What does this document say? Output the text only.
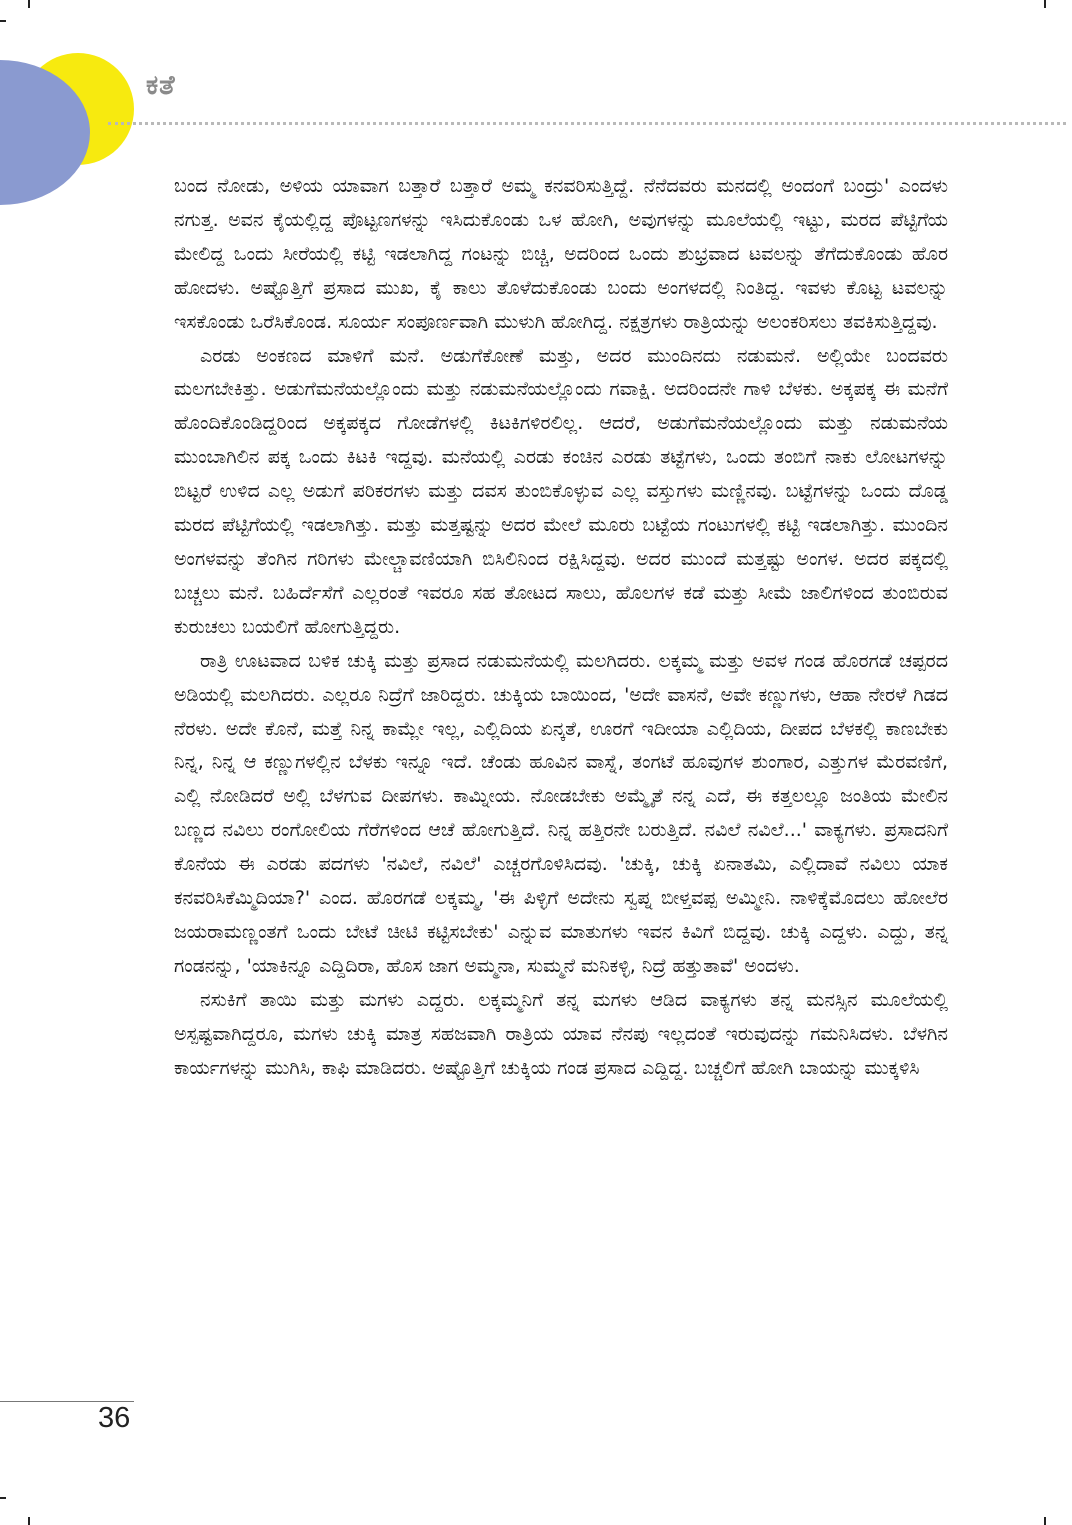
ಕತೆ

ಬಂದ ನೋಡು, ಅಳಿಯ ಯಾವಾಗ ಬತ್ತಾರೆ ಬತ್ತಾರೆ ಅಮ್ಮ ಕನವರಿಸುತ್ತಿದ್ದೆ. ನೆನೆದವರು ಮನದಲ್ಲಿ ಅಂದಂಗೆ ಬಂದ್ರು' ಎಂದಳು ನಗುತ್ತ. ಅವನ ಕೈಯಲ್ಲಿದ್ದ ಪೊಟ್ಟಣಗಳನ್ನು ಇಸಿದುಕೊಂಡು ಒಳ ಹೋಗಿ, ಅವುಗಳನ್ನು ಮೂಲೆಯಲ್ಲಿ ಇಟ್ಟು, ಮರದ ಪೆಟ್ಟಿಗೆಯ ಮೇಲಿದ್ದ ಒಂದು ಸೀರೆಯಲ್ಲಿ ಕಟ್ಟಿ ಇಡಲಾಗಿದ್ದ ಗಂಟನ್ನು ಬಿಚ್ಚಿ, ಅದರಿಂದ ಒಂದು ಶುಭ್ರವಾದ ಟವಲನ್ನು ತೆಗೆದುಕೊಂಡು ಹೊರ ಹೋದಳು. ಅಷ್ಟೊತ್ತಿಗೆ ಪ್ರಸಾದ ಮುಖ, ಕೈ ಕಾಲು ತೊಳೆದುಕೊಂಡು ಬಂದು ಅಂಗಳದಲ್ಲಿ ನಿಂತಿದ್ದ. ಇವಳು ಕೊಟ್ಟ ಟವಲನ್ನು ಇಸಕೊಂಡು ಒರೆಸಿಕೊಂಡ. ಸೂರ್ಯ ಸಂಪೂರ್ಣವಾಗಿ ಮುಳುಗಿ ಹೋಗಿದ್ದ. ನಕ್ಷತ್ರಗಳು ರಾತ್ರಿಯನ್ನು ಅಲಂಕರಿಸಲು ತವಕಿಸುತ್ತಿದ್ದವು.

ಎರಡು ಅಂಕಣದ ಮಾಳಿಗೆ ಮನೆ. ಅಡುಗೆಕೋಣೆ ಮತ್ತು, ಅದರ ಮುಂದಿನದು ನಡುಮನೆ. ಅಲ್ಲಿಯೇ ಬಂದವರು ಮಲಗಬೇಕಿತ್ತು. ಅಡುಗೆಮನೆಯಲ್ಲೊಂದು ಮತ್ತು ನಡುಮನೆಯಲ್ಲೊಂದು ಗವಾಕ್ಷಿ. ಅದರಿಂದನೇ ಗಾಳಿ ಬೆಳಕು. ಅಕ್ಕಪಕ್ಕ ಈ ಮನೆಗೆ ಹೊಂದಿಕೊಂಡಿದ್ದರಿಂದ ಅಕ್ಕಪಕ್ಕದ ಗೋಡೆಗಳಲ್ಲಿ ಕಿಟಕಿಗಳಿರಲಿಲ್ಲ. ಆದರೆ, ಅಡುಗೆಮನೆಯಲ್ಲೊಂದು ಮತ್ತು ನಡುಮನೆಯ ಮುಂಬಾಗಿಲಿನ ಪಕ್ಕ ಒಂದು ಕಿಟಕಿ ಇದ್ದವು. ಮನೆಯಲ್ಲಿ ಎರಡು ಕಂಚಿನ ಎರಡು ತಟ್ಟೆಗಳು, ಒಂದು ತಂಬಿಗೆ ನಾಕು ಲೋಟಗಳನ್ನು ಬಿಟ್ಟರೆ ಉಳಿದ ಎಲ್ಲ ಅಡುಗೆ ಪರಿಕರಗಳು ಮತ್ತು ದವಸ ತುಂಬಿಕೊಳ್ಳುವ ಎಲ್ಲ ವಸ್ತುಗಳು ಮಣ್ಣಿನವು. ಬಟ್ಟೆಗಳನ್ನು ಒಂದು ದೊಡ್ಡ ಮರದ ಪೆಟ್ಟಿಗೆಯಲ್ಲಿ ಇಡಲಾಗಿತ್ತು. ಮತ್ತು ಮತ್ತಷ್ಟನ್ನು ಅದರ ಮೇಲೆ ಮೂರು ಬಟ್ಟೆಯ ಗಂಟುಗಳಲ್ಲಿ ಕಟ್ಟಿ ಇಡಲಾಗಿತ್ತು. ಮುಂದಿನ ಅಂಗಳವನ್ನು ತೆಂಗಿನ ಗರಿಗಳು ಮೇಲ್ಚಾವಣಿಯಾಗಿ ಬಿಸಿಲಿನಿಂದ ರಕ್ಷಿಸಿದ್ದವು. ಅದರ ಮುಂದೆ ಮತ್ತಷ್ಟು ಅಂಗಳ. ಅದರ ಪಕ್ಕದಲ್ಲಿ ಬಚ್ಚಲು ಮನೆ. ಬಹಿರ್ದೆಸೆಗೆ ಎಲ್ಲರಂತೆ ಇವರೂ ಸಹ ತೋಟದ ಸಾಲು, ಹೊಲಗಳ ಕಡೆ ಮತ್ತು ಸೀಮೆ ಜಾಲಿಗಳಿಂದ ತುಂಬಿರುವ ಕುರುಚಲು ಬಯಲಿಗೆ ಹೋಗುತ್ತಿದ್ದರು.

ರಾತ್ರಿ ಊಟವಾದ ಬಳಿಕ ಚುಕ್ಕಿ ಮತ್ತು ಪ್ರಸಾದ ನಡುಮನೆಯಲ್ಲಿ ಮಲಗಿದರು. ಲಕ್ಕಮ್ಮ ಮತ್ತು ಅವಳ ಗಂಡ ಹೊರಗಡೆ ಚಪ್ಪರದ ಅಡಿಯಲ್ಲಿ ಮಲಗಿದರು. ಎಲ್ಲರೂ ನಿದ್ರೆಗೆ ಜಾರಿದ್ದರು. ಚುಕ್ಕಿಯ ಬಾಯಿಂದ, 'ಅದೇ ವಾಸನೆ, ಅವೇ ಕಣ್ಣುಗಳು, ಆಹಾ ನೇರಳೆ ಗಿಡದ ನೆರಳು. ಅದೇ ಕೊನೆ, ಮತ್ತೆ ನಿನ್ನ ಕಾಮ್ಲೇ ಇಲ್ಲ, ಎಲ್ಲಿದಿಯ ಏನ್ಕತೆ, ಊರಗೆ ಇದೀಯಾ ಎಲ್ಲಿದಿಯ, ದೀಪದ ಬೆಳಕಲ್ಲಿ ಕಾಣಬೇಕು ನಿನ್ನ, ನಿನ್ನ ಆ ಕಣ್ಣುಗಳಲ್ಲಿನ ಬೆಳಕು ಇನ್ನೂ ಇದೆ. ಚೆಂಡು ಹೂವಿನ ವಾಸ್ನೆ, ತಂಗಟೆ ಹೂವುಗಳ ಶುಂಗಾರ, ಎತ್ತುಗಳ ಮೆರವಣಿಗೆ, ಎಲ್ಲಿ ನೋಡಿದರೆ ಅಲ್ಲಿ ಬೆಳಗುವ ದೀಪಗಳು. ಕಾಮ್ನೀಯ. ನೋಡಬೇಕು ಅಮ್ಮೈತೆ ನನ್ನ ಎದೆ, ಈ ಕತ್ತಲಲ್ಲೂ ಜಂತಿಯ ಮೇಲಿನ ಬಣ್ಣದ ನವಿಲು ರಂಗೋಲಿಯ ಗೆರೆಗಳಿಂದ ಆಚೆ ಹೋಗುತ್ತಿದೆ. ನಿನ್ನ ಹತ್ತಿರನೇ ಬರುತ್ತಿದೆ. ನವಿಲೆ ನವಿಲೆ...' ವಾಕ್ಯಗಳು. ಪ್ರಸಾದನಿಗೆ ಕೊನೆಯ ಈ ಎರಡು ಪದಗಳು 'ನವಿಲೆ, ನವಿಲೆ' ಎಚ್ಚರಗೊಳಿಸಿದವು. 'ಚುಕ್ಕಿ, ಚುಕ್ಕಿ ಏನಾತಮಿ, ಎಲ್ಲಿದಾವೆ ನವಿಲು ಯಾಕ ಕನವರಿಸಿಕೆಮ್ಮಿದಿಯಾ?' ಎಂದ. ಹೊರಗಡೆ ಲಕ್ಕಮ್ಮ, 'ಈ ಪಿಳ್ಳಿಗೆ ಅದೇನು ಸ್ವಪ್ನ ಬೀಳ್ತವಪ್ಪ ಅಮ್ಮೀನಿ. ನಾಳಿಕ್ಕೆಮೊದಲು ಹೋಲೆರ ಜಯರಾಮಣ್ಣಂತಗೆ ಒಂದು ಬೇಟೆ ಚೀಟಿ ಕಟ್ಟಿಸಬೇಕು' ಎನ್ನುವ ಮಾತುಗಳು ಇವನ ಕಿವಿಗೆ ಬಿದ್ದವು. ಚುಕ್ಕಿ ಎದ್ದಳು. ಎದ್ದು, ತನ್ನ ಗಂಡನನ್ನು, 'ಯಾಕಿನ್ನೂ ಎದ್ದಿದಿರಾ, ಹೊಸ ಜಾಗ ಅಮ್ಮನಾ, ಸುಮ್ಮನೆ ಮನಿಕಳ್ಳಿ, ನಿದ್ರೆ ಹತ್ತುತಾವೆ' ಅಂದಳು.

ನಸುಕಿಗೆ ತಾಯಿ ಮತ್ತು ಮಗಳು ಎದ್ದರು. ಲಕ್ಕಮ್ಮನಿಗೆ ತನ್ನ ಮಗಳು ಆಡಿದ ವಾಕ್ಯಗಳು ತನ್ನ ಮನಸ್ಸಿನ ಮೂಲೆಯಲ್ಲಿ ಅಸ್ಪಷ್ಟವಾಗಿದ್ದರೂ, ಮಗಳು ಚುಕ್ಕಿ ಮಾತ್ರ ಸಹಜವಾಗಿ ರಾತ್ರಿಯ ಯಾವ ನೆನಪು ಇಲ್ಲದಂತೆ ಇರುವುದನ್ನು ಗಮನಿಸಿದಳು. ಬೆಳಗಿನ ಕಾರ್ಯಗಳನ್ನು ಮುಗಿಸಿ, ಕಾಫಿ ಮಾಡಿದರು. ಅಷ್ಟೊತ್ತಿಗೆ ಚುಕ್ಕಿಯ ಗಂಡ ಪ್ರಸಾದ ಎದ್ದಿದ್ದ. ಬಚ್ಚಲಿಗೆ ಹೋಗಿ ಬಾಯನ್ನು ಮುಕ್ಕಳಿಸಿ

36
